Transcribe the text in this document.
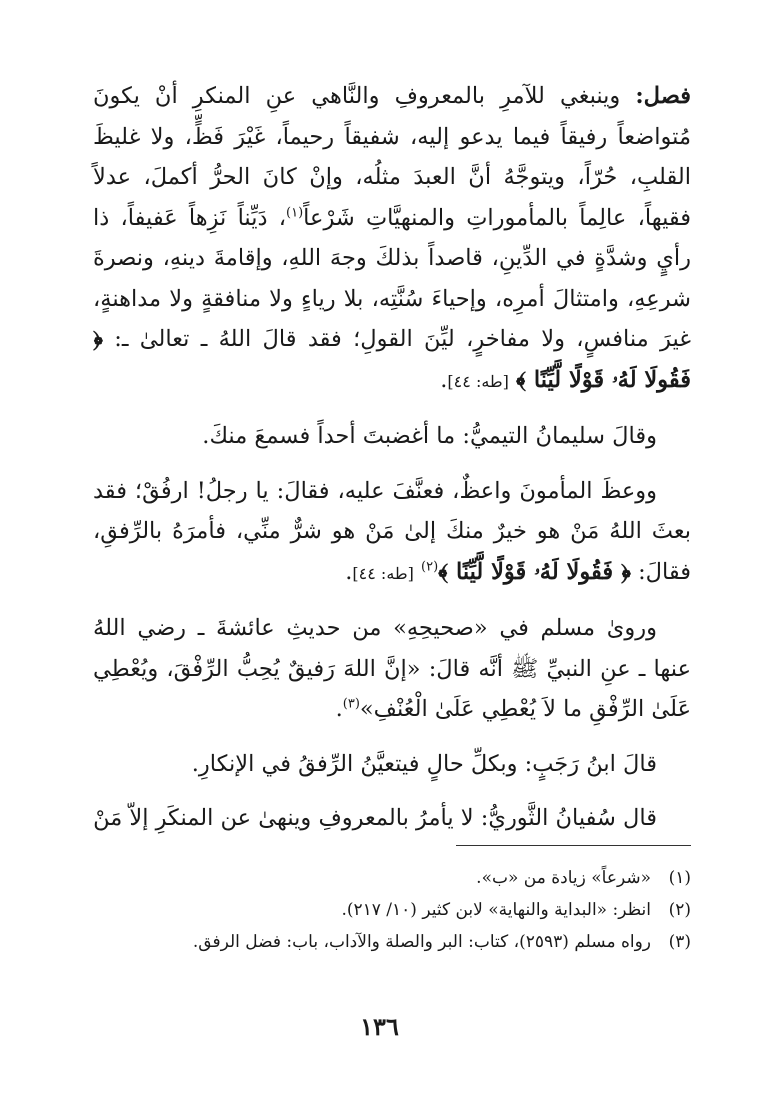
فصل: وينبغي للآمرِ بالمعروفِ والنَّاهي عنِ المنكرِ أنْ يكونَ مُتواضعاً رفيقاً فيما يدعو إليه، شفيقاً رحيماً، غَيْرَ فَظٍّ، ولا غليظَ القلبِ، حُرّاً، ويتوجَّهُ أنَّ العبدَ مثلُه، وإنْ كانَ الحرُّ أكملَ، عدلاً فقيهاً، عالِماً بالمأموراتِ والمنهيَّاتِ شَرْعاً$^{(١)}$، دَيِّناً نَزِهاً عَفيفاً، ذا رأيٍ وشدَّةٍ في الدِّينِ، قاصداً بذلكَ وجهَ اللهِ، وإقامةَ دينهِ، ونصرةَ شرعِهِ، وامتثالَ أمرِه، وإحياءَ سُنَّتِه، بلا رياءٍ ولا منافقةٍ ولا مداهنةٍ، غيرَ منافسٍ، ولا مفاخرٍ، ليِّنَ القولِ؛ فقد قالَ اللهُ ـ تعالىٰ ـ: ﴿ فَقُولَا لَهُۥ قَوْلًا لَّيِّنًا ﴾ [طه: ٤٤].

وقالَ سليمانُ التيميُّ: ما أغضبتَ أحداً فسمعَ منكَ.

ووعظَ المأمونَ واعظٌ، فعنَّفَ عليه، فقالَ: يا رجلُ! ارفُقْ؛ فقد بعثَ اللهُ مَنْ هو خيرٌ منكَ إلىٰ مَنْ هو شرٌّ منِّي، فأمرَهُ بالرِّفقِ، فقالَ: ﴿ فَقُولَا لَهُۥ قَوْلًا لَّيِّنًا ﴾$^{(٢)}$ [طه: ٤٤].

وروىٰ مسلم في «صحيحِهِ» من حديثِ عائشةَ ـ رضي اللهُ عنها ـ عنِ النبيِّ ﷺ أنَّه قالَ: «إنَّ اللهَ رَفيقٌ يُحِبُّ الرِّفْقَ، ويُعْطِي عَلَىٰ الرِّفْقِ ما لاَ يُعْطِي عَلَىٰ الْعُنْفِ»$^{(٣)}$.

قالَ ابنُ رَجَبٍ: وبكلِّ حالٍ فيتعيَّنُ الرِّفقُ في الإنكارِ.

قال سُفيانُ الثَّوريُّ: لا يأمرُ بالمعروفِ وينهىٰ عن المنكَرِ إلاّ مَنْ

(١)«شرعاً» زيادة من «ب».

(٢)انظر: «البداية والنهاية» لابن كثير (١٠/ ٢١٧).

(٣)رواه مسلم (٢٥٩٣)، كتاب: البر والصلة والآداب، باب: فضل الرفق.

١٣٦
